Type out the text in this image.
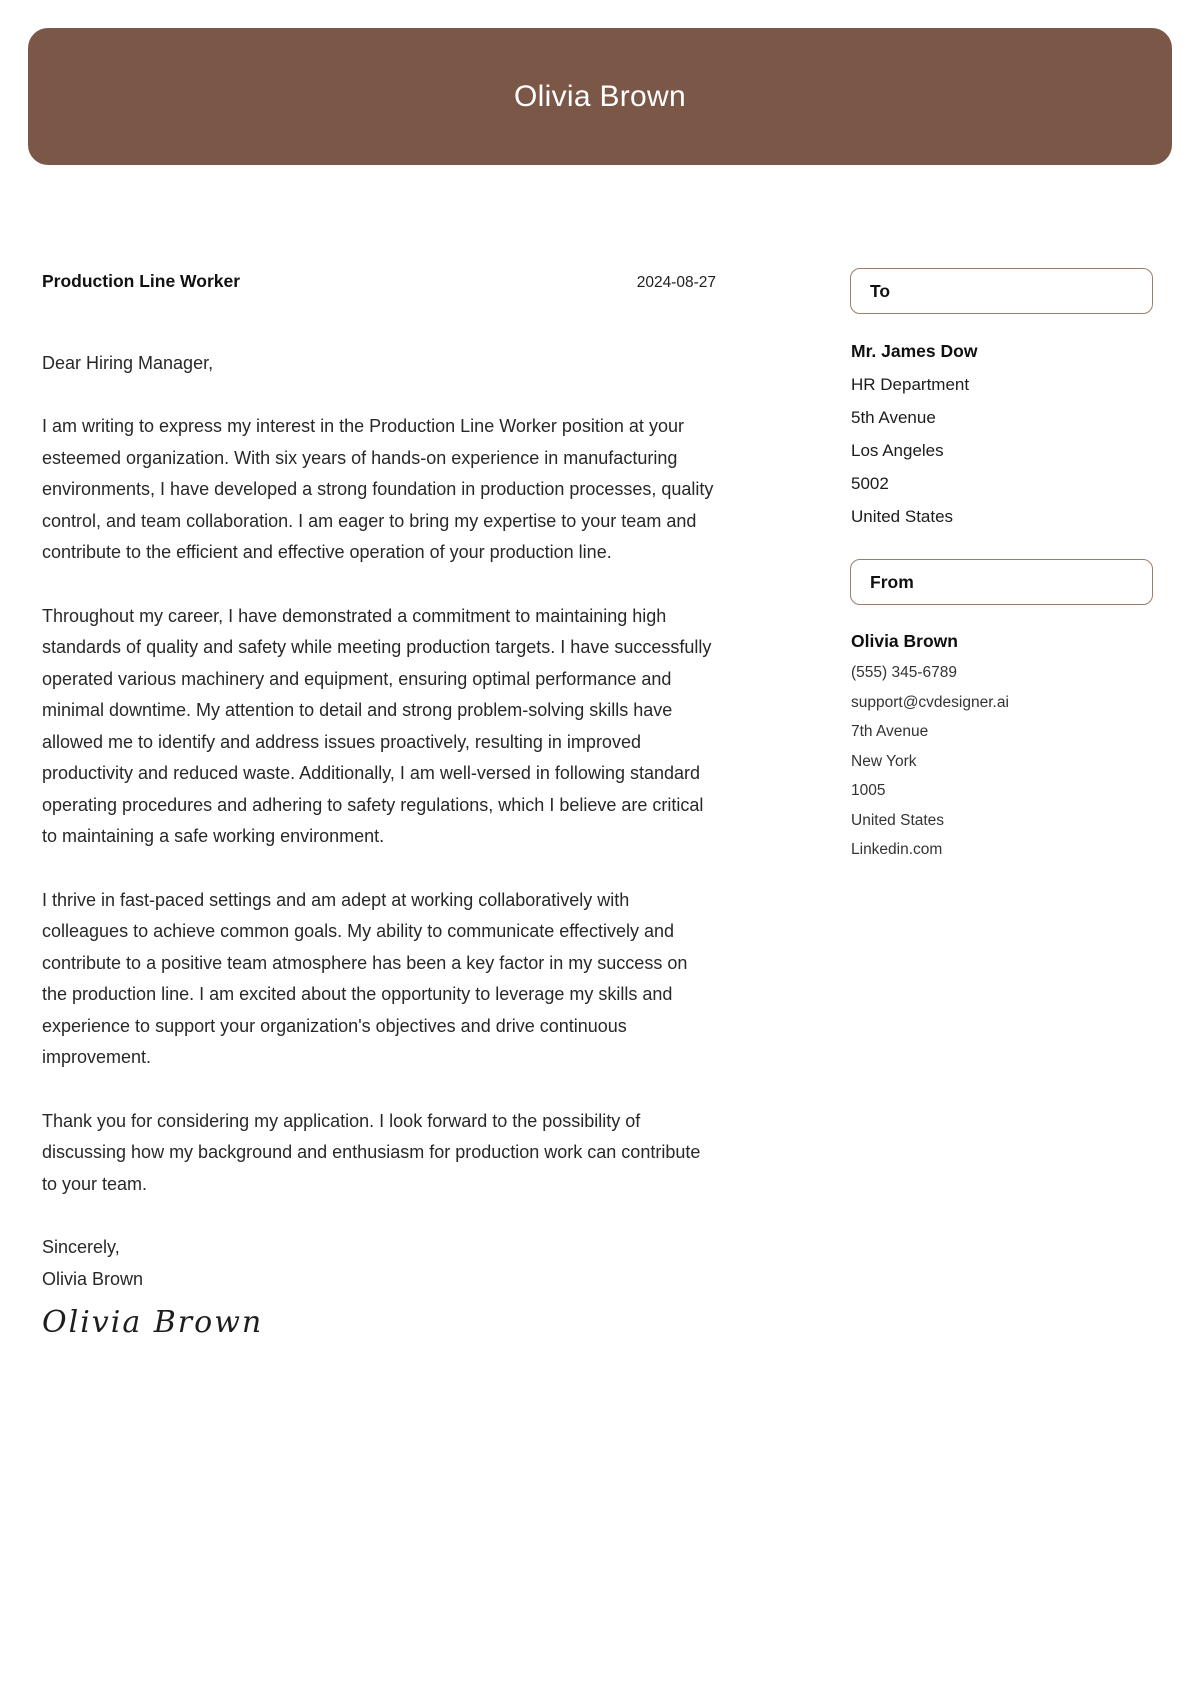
Olivia Brown
Production Line Worker	2024-08-27

Dear Hiring Manager,

I am writing to express my interest in the Production Line Worker position at your esteemed organization. With six years of hands-on experience in manufacturing environments, I have developed a strong foundation in production processes, quality control, and team collaboration. I am eager to bring my expertise to your team and contribute to the efficient and effective operation of your production line.

Throughout my career, I have demonstrated a commitment to maintaining high standards of quality and safety while meeting production targets. I have successfully operated various machinery and equipment, ensuring optimal performance and minimal downtime. My attention to detail and strong problem-solving skills have allowed me to identify and address issues proactively, resulting in improved productivity and reduced waste. Additionally, I am well-versed in following standard operating procedures and adhering to safety regulations, which I believe are critical to maintaining a safe working environment.

I thrive in fast-paced settings and am adept at working collaboratively with colleagues to achieve common goals. My ability to communicate effectively and contribute to a positive team atmosphere has been a key factor in my success on the production line. I am excited about the opportunity to leverage my skills and experience to support your organization's objectives and drive continuous improvement.

Thank you for considering my application. I look forward to the possibility of discussing how my background and enthusiasm for production work can contribute to your team.

Sincerely,

Olivia Brown

Olivia Brown
To
Mr. James Dow
HR Department
5th Avenue
Los Angeles
5002
United States
From
Olivia Brown
(555) 345-6789
support@cvdesigner.ai
7th Avenue
New York
1005
United States
Linkedin.com
